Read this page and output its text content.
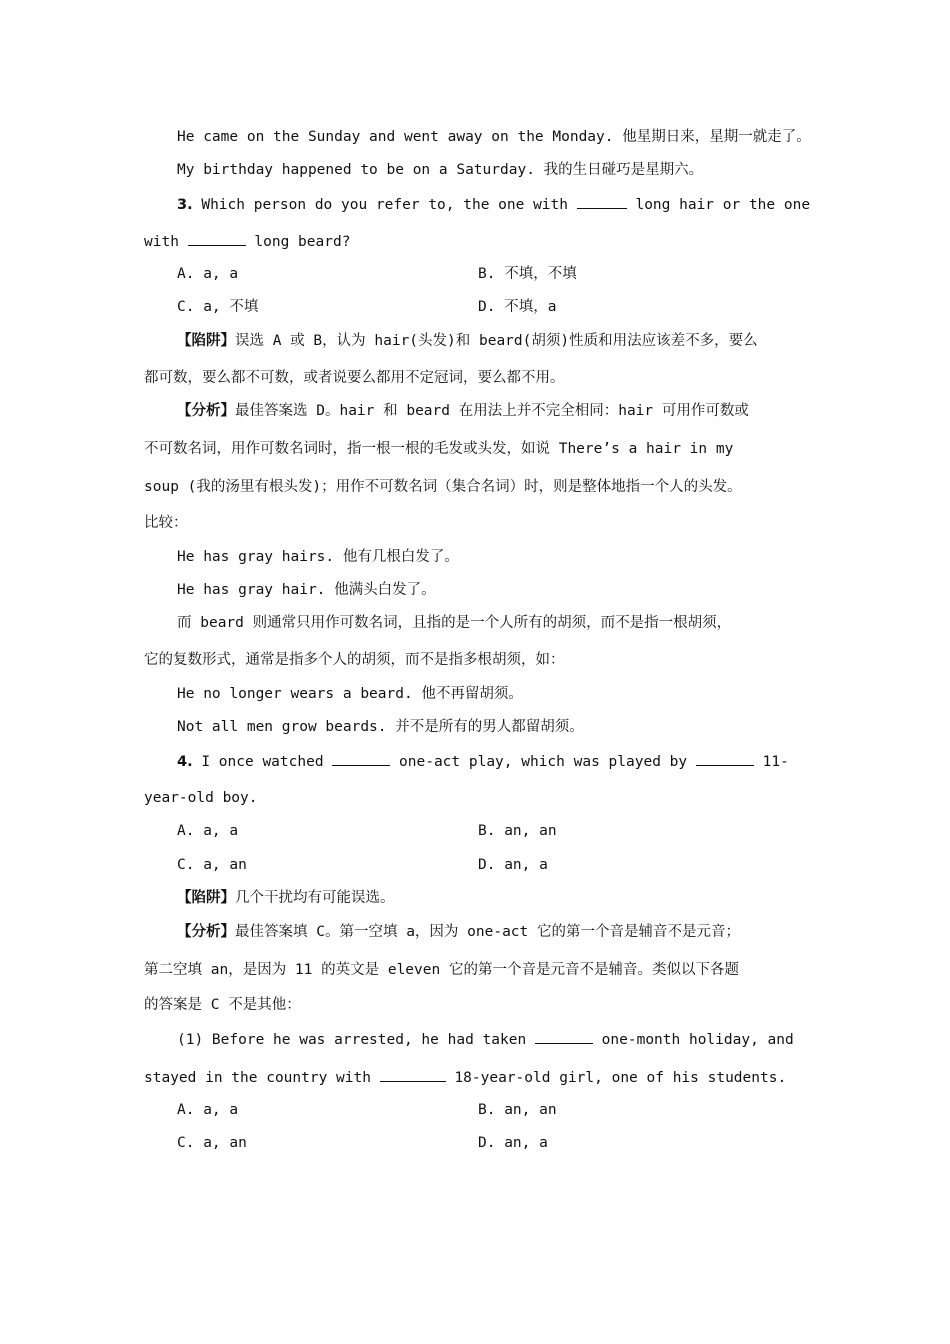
He came on the Sunday and went away on the Monday. 他星期日来，星期一就走了。
My birthday happened to be on a Saturday. 我的生日碰巧是星期六。
3. Which person do you refer to, the one with	long hair or the one
with	long beard?
A. a, a	B. 不填，不填
C. a, 不填	D. 不填，a
【陷阱】误选 A 或 B，认为 hair(头发)和 beard(胡须)性质和用法应该差不多，要么
都可数，要么都不可数，或者说要么都用不定冠词，要么都不用。
【分析】最佳答案选 D。hair 和 beard 在用法上并不完全相同：hair 可用作可数或
不可数名词，用作可数名词时，指一根一根的毛发或头发，如说 There’s a hair in my
soup (我的汤里有根头发)；用作不可数名词（集合名词）时，则是整体地指一个人的头发。
比较：
He has gray hairs. 他有几根白发了。
He has gray hair. 他满头白发了。
而 beard 则通常只用作可数名词，且指的是一个人所有的胡须，而不是指一根胡须，
它的复数形式，通常是指多个人的胡须，而不是指多根胡须，如：
He no longer wears a beard. 他不再留胡须。
Not all men grow beards. 并不是所有的男人都留胡须。
4. I once watched	one-act play, which was played by	11-
year-old boy.
A. a, a	B. an, an
C. a, an	D. an, a
【陷阱】几个干扰均有可能误选。
【分析】最佳答案填 C。第一空填 a，因为 one-act 它的第一个音是辅音不是元音；
第二空填 an，是因为 11 的英文是 eleven 它的第一个音是元音不是辅音。类似以下各题
的答案是 C 不是其他：
(1) Before he was arrested, he had taken	one-month holiday, and
stayed in the country with	18-year-old girl, one of his students.
A. a, a	B. an, an
C. a, an	D. an, a
